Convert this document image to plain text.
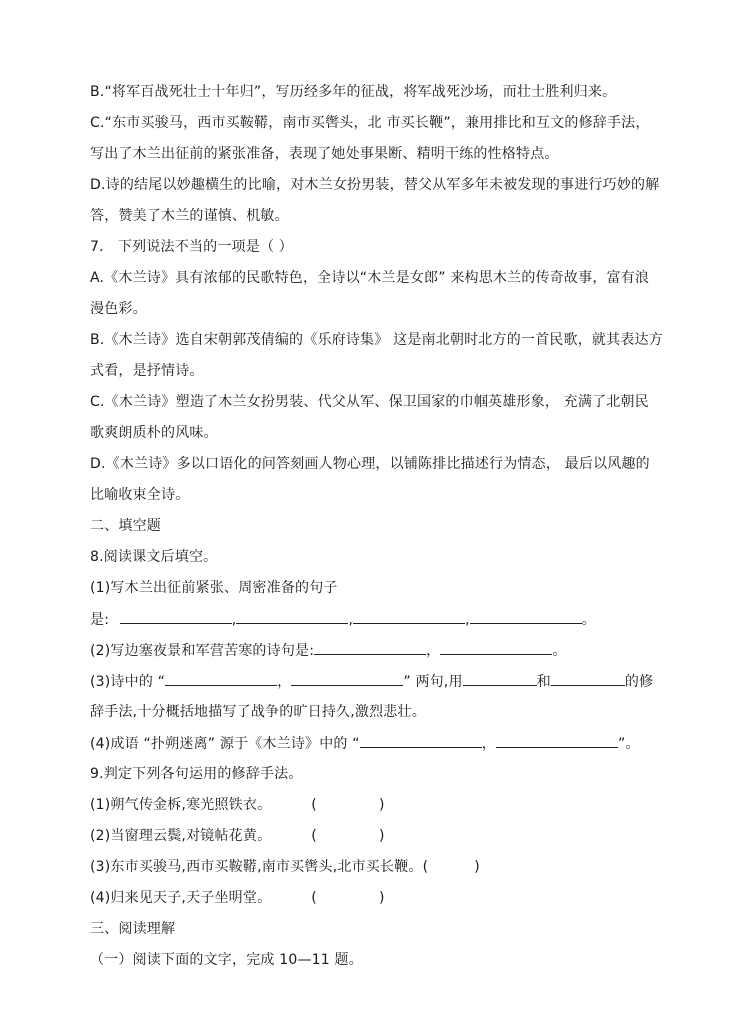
B.“将军百战死壮士十年归”，写历经多年的征战，将军战死沙场，而壮士胜利归来。
C.“东市买骏马，西市买鞍鞯，南市买辔头，北 市买长鞭”，兼用排比和互文的修辞手法，
写出了木兰出征前的紧张准备，表现了她处事果断、精明干练的性格特点。
D.诗的结尾以妙趣横生的比喻，对木兰女扮男装，替父从军多年未被发现的事进行巧妙的解
答，赞美了木兰的谨慎、机敏。
7． 下列说法不当的一项是（ ）
A.《木兰诗》具有浓郁的民歌特色，全诗以“木兰是女郎” 来构思木兰的传奇故事，富有浪
漫色彩。
B.《木兰诗》选自宋朝郭茂倩编的《乐府诗集》 这是南北朝时北方的一首民歌，就其表达方
式看，是抒情诗。
C.《木兰诗》塑造了木兰女扮男装、代父从军、保卫国家的巾帼英雄形象， 充满了北朝民
歌爽朗质朴的风味。
D.《木兰诗》多以口语化的问答刻画人物心理，以铺陈排比描述行为情态， 最后以风趣的
比喻收束全诗。
二、填空题
8.阅读课文后填空。
(1)写木兰出征前紧张、周密准备的句子
是:	,	,	,	。
(2)写边塞夜景和军营苦寒的诗句是:	，	。
(3)诗中的 “	，	” 两句,用	和	的修
辞手法,十分概括地描写了战争的旷日持久,激烈悲壮。
(4)成语 “扑朔迷离” 源于《木兰诗》中的 “	，	”。
9.判定下列各句运用的修辞手法。
(1)朔气传金柝,寒光照铁衣。	(	)
(2)当窗理云鬓,对镜帖花黄。	(	)
(3)东市买骏马,西市买鞍鞯,南市买辔头,北市买长鞭。(	)
(4)归来见天子,天子坐明堂。	(	)
三、阅读理解
（一）阅读下面的文字，完成 10—11 题。
